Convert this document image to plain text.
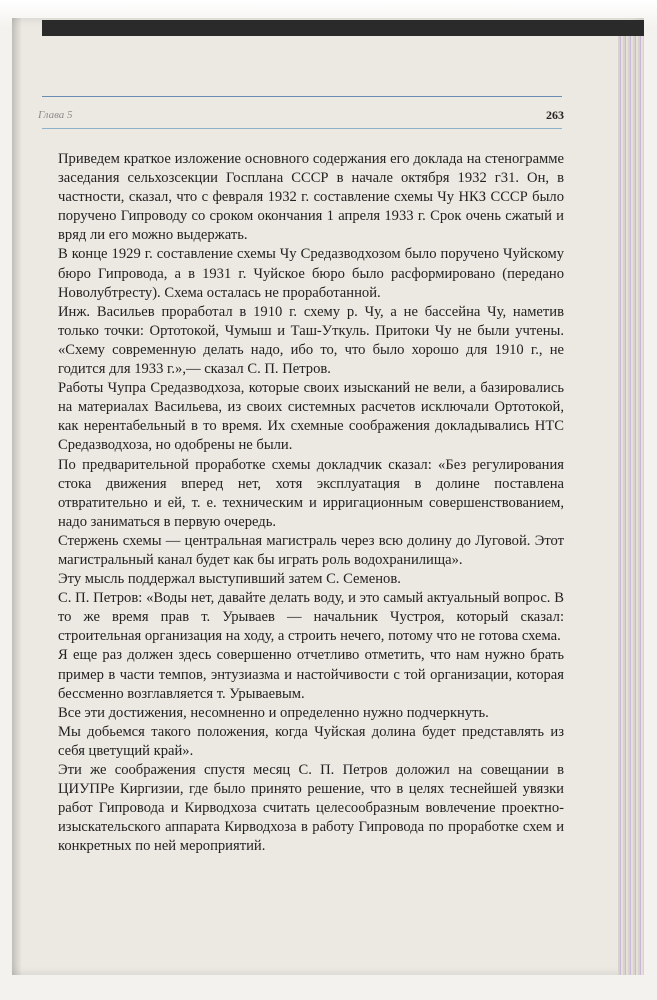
Глава 5	263

Приведем краткое изложение основного содержания его доклада на стенограмме заседания сельхозсекции Госплана СССР в начале октября 1932 г31. Он, в частности, сказал, что с февраля 1932 г. составление схемы Чу НКЗ СССР было поручено Гипроводу со сроком окончания 1 апреля 1933 г. Срок очень сжатый и вряд ли его можно выдержать.

В конце 1929 г. составление схемы Чу Средазводхозом было поручено Чуйскому бюро Гипровода, а в 1931 г. Чуйское бюро было расформировано (передано Новолубтресту). Схема осталась не проработанной.

Инж. Васильев проработал в 1910 г. схему р. Чу, а не бассейна Чу, наметив только точки: Ортотокой, Чумыш и Таш-Уткуль. Притоки Чу не были учтены. «Схему современную делать надо, ибо то, что было хорошо для 1910 г., не годится для 1933 г.»,— сказал С. П. Петров.

Работы Чупра Средазводхоза, которые своих изысканий не вели, а базировались на материалах Васильева, из своих системных расчетов исключали Ортотокой, как нерентабельный в то время. Их схемные соображения докладывались НТС Средазводхоза, но одобрены не были.

По предварительной проработке схемы докладчик сказал: «Без регулирования стока движения вперед нет, хотя эксплуатация в долине поставлена отвратительно и ей, т. е. техническим и ирригационным совершенствованием, надо заниматься в первую очередь.

Стержень схемы — центральная магистраль через всю долину до Луговой. Этот магистральный канал будет как бы играть роль водохранилища».

Эту мысль поддержал выступивший затем С. Семенов.

С. П. Петров: «Воды нет, давайте делать воду, и это самый актуальный вопрос. В то же время прав т. Урываев — начальник Чустроя, который сказал: строительная организация на ходу, а строить нечего, потому что не готова схема.

Я еще раз должен здесь совершенно отчетливо отметить, что нам нужно брать пример в части темпов, энтузиазма и настойчивости с той организации, которая бессменно возглавляется т. Урываевым.

Все эти достижения, несомненно и определенно нужно подчеркнуть.

Мы добьемся такого положения, когда Чуйская долина будет представлять из себя цветущий край».

Эти же соображения спустя месяц С. П. Петров доложил на совещании в ЦИУПРе Киргизии, где было принято решение, что в целях теснейшей увязки работ Гипровода и Кирводхоза считать целесообразным вовлечение проектно-изыскательского аппарата Кирводхоза в работу Гипровода по проработке схем и конкретных по ней мероприятий.
